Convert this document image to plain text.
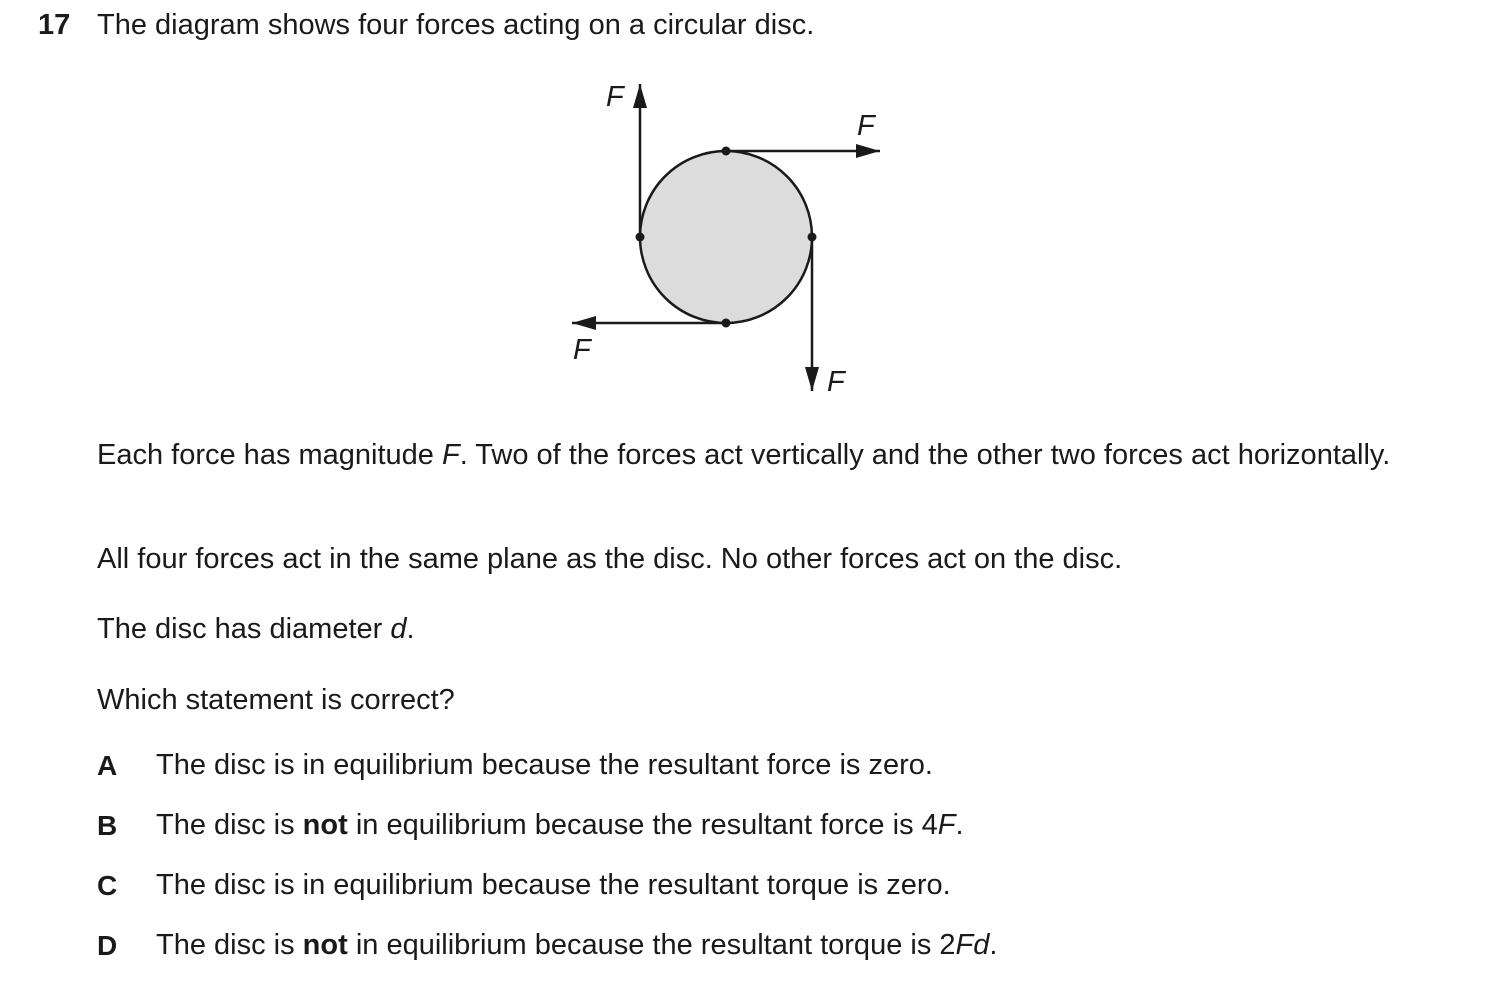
17 The diagram shows four forces acting on a circular disc.
F
F
F
F
Each force has magnitude F. Two of the forces act vertically and the other two forces act horizontally.
All four forces act in the same plane as the disc. No other forces act on the disc.
The disc has diameter d.
Which statement is correct?
A The disc is in equilibrium because the resultant force is zero.
B The disc is not in equilibrium because the resultant force is 4F.
C The disc is in equilibrium because the resultant torque is zero.
D The disc is not in equilibrium because the resultant torque is 2Fd.
